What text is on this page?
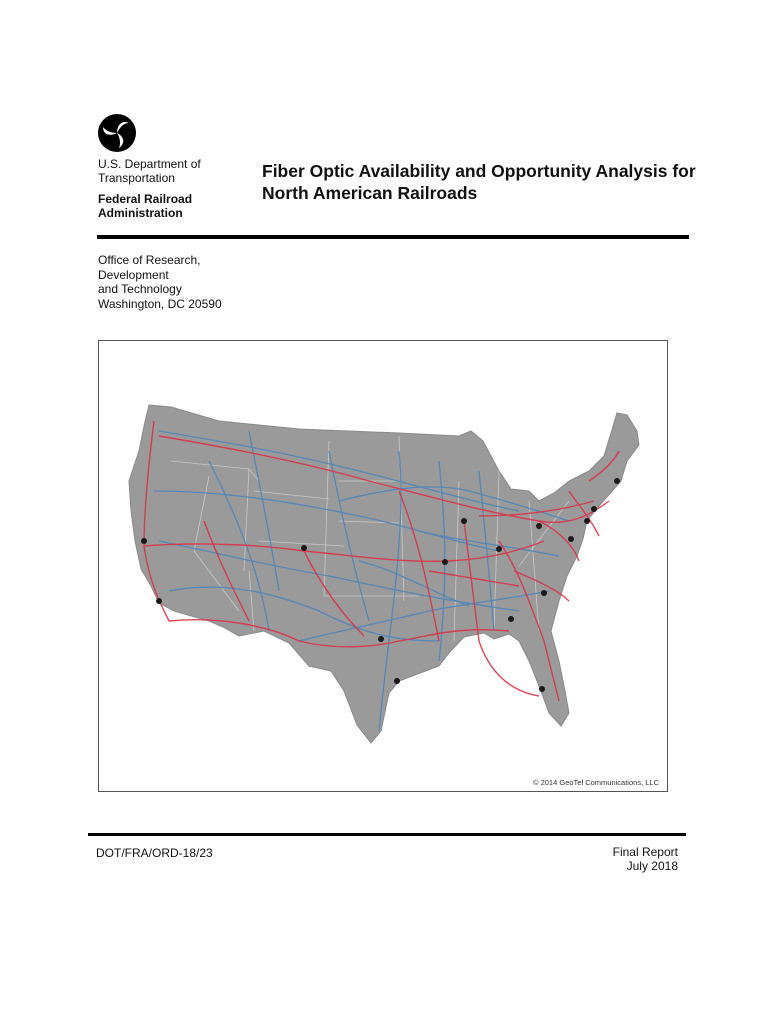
U.S. Department of Transportation
Federal Railroad Administration
Fiber Optic Availability and Opportunity Analysis for North American Railroads
Office of Research,
Development
and Technology
Washington, DC 20590
© 2014 GeoTel Communications, LLC
DOT/FRA/ORD-18/23	Final Report
July 2018
